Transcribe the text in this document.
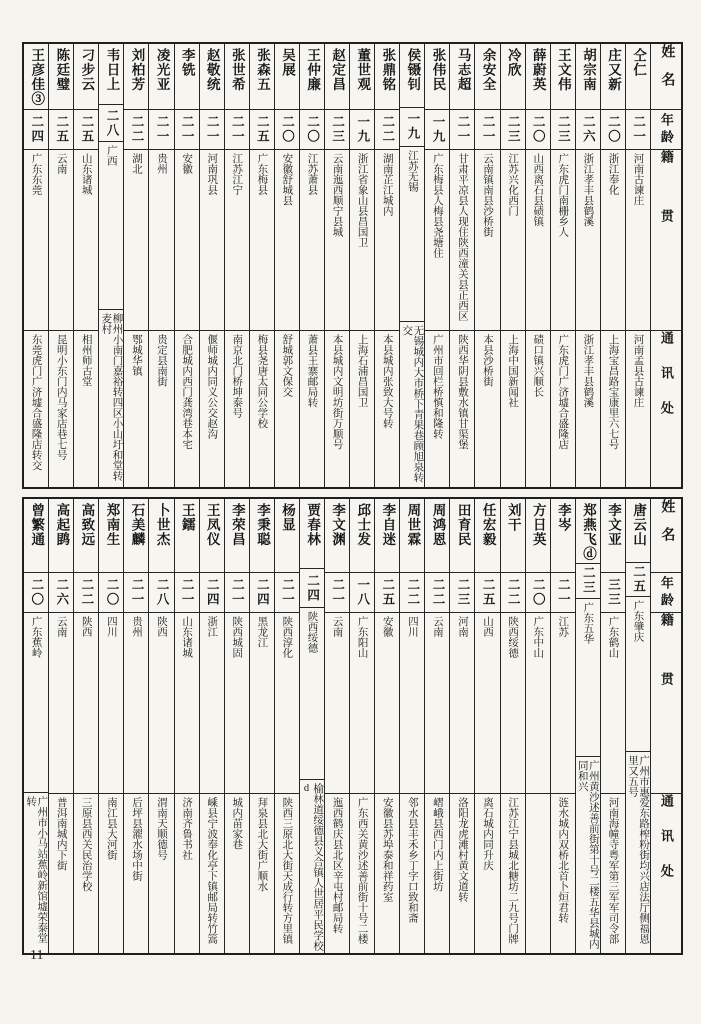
姓名
年龄
籍贯
通讯处
仝仁
二一
河南古谏庄
河南孟县古谏庄
庄又新
二〇
浙江奉化
上海宝昌路宝康里六七号
胡宗南
二六
浙江孝丰县鹤溪
浙江孝丰县鹤溪
王文伟
二三
广东虎门南栅乡人
广东虎门广济墟合盛隆店
薛蔚英
二〇
山西离石县碛镇
碛口镇兴顺长
冷欣
二三
江苏兴化西门
上海中国新闻社
余安全
二一
云南镇南县沙桥街
本县沙桥街
马志超
二一
甘肃平凉县人现住陕西潼关县正西区
陕西华阴县敷水镇甘渠堡
张伟民
一九
广东梅县人梅县尧塘住
广州市回栏桥慎和隆转
侯镊钊
一九
江苏无锡
无锡城内大市桥下青果巷顾旭泉转交
张鼎铭
二二
湖南芷江城内
本县城内张致大号转
董世观
一九
浙江省象山县昌国卫
上海石浦昌国卫
赵定昌
二三
云南迤西顺宁县城
本县城内文明坊街万顺号
王仲廉
二〇
江苏萧县
萧县王寨邮局转
吴展
二〇
安徽舒城县
舒城郭文保交
张森五
二五
广东梅县
梅县尧唐太同公学校
张世希
二一
江苏江宁
南京北门桥坤泰号
赵敬统
二一
河南巩县
偃师城内同义公交赵沟
李铣
二一
安徽
合肥城内西门龚湾巷本宅
凌光亚
二一
贵州
贵定县南街
刘柏芳
二二
湖北
鄂城华镇
韦日上
二八
广西
柳州小南门嘉裕转四区小山圩和堂转麦村
刁步云
二五
山东诸城
相州师古堂
陈廷璧
二五
云南
昆明小东门内马家店巷七号
王彦佳③
二四
广东东莞
东莞虎门广济墟合盛隆店转交
姓名
年龄
籍贯
通讯处
唐云山
二五
广东肇庆
广州市惠爱东路榨粉街均兴店法厅侧福恩里又五号
李文亚
三三
广东鹤山
河南海幢寺粤军第三军军司令部
郑燕飞ⓓ
二三
广东五华
广州黄沙述善前街第十号二楼五华县城内同和兴
李岑
二一
江苏
涟水城内双桥北首卜烜君转
方日英
二〇
广东中山
刘干
二二
陕西绥德
江苏江宁县城北糖坊二九号门牌
任宏毅
二五
山西
离石城内同升庆
田育民
二三
河南
洛阳龙虎滩村黄文道转
周鸿恩
二二
云南
嶍峨县西门内上街坊
周世霖
二二
四川
邻水县丰禾乡丁字口致和斋
李自迷
二五
安徽
安徽县苏埠泰和祥药室
邱士发
一八
广东阳山
广东西关黄沙述善前街十号二楼
李文渊
二一
云南
迤西鹤庆县北区辛屯村邮局转
贾春林
二四
陕西绥德
榆林道绥德县义合镇人世居平民学校d
杨显
二一
陕西淳化
陕西三原北大街天成行转方里镇
李秉聪
二四
黑龙江
拜泉县北大街广顺水
李荣昌
二一
陕西城固
城内苗家巷
王凤仪
二四
浙江
嵊县宁波奉化亭下镇邮局转竹篙
王鑐
二一
山东诸城
济南齐鲁书社
卜世杰
二八
陕西
渭南天顺德号
石美麟
二一
贵州
后坪县濯水场中街
郑南生
二〇
四川
南江县大河街
高致远
二二
陕西
三原县西关民治学校
高起鹍
二六
云南
普洱南城内下街
曾繁通
二〇
广东蕉岭
广州市小马站蕉岭新馆墟荣泰堂转
11
